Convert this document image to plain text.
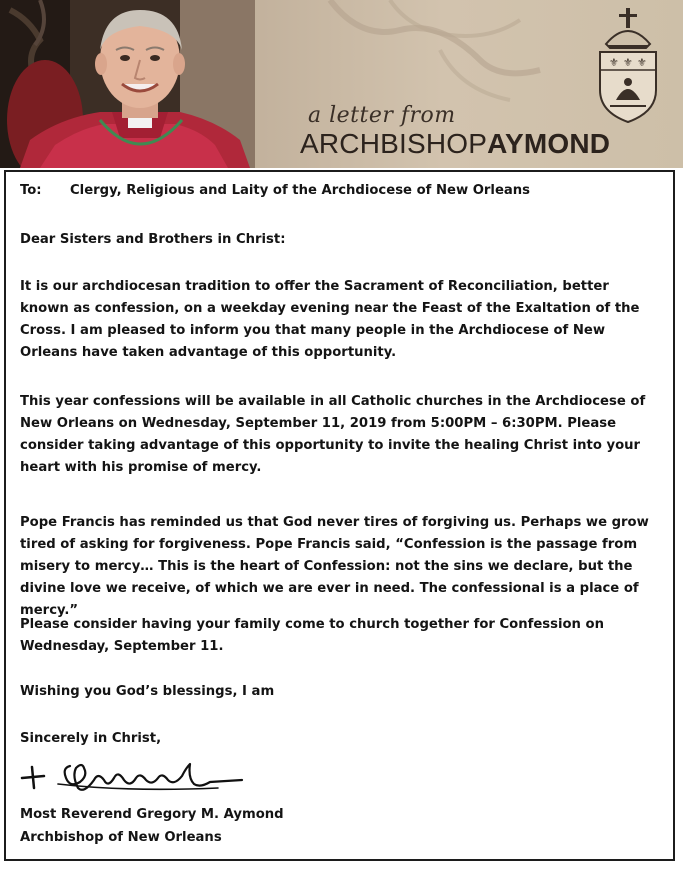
a letter from
ARCHBISHOPAYMOND
⚜ ⚜ ⚜
To: Clergy, Religious and Laity of the Archdiocese of New Orleans

Dear Sisters and Brothers in Christ:

It is our archdiocesan tradition to offer the Sacrament of Reconciliation, better known as confession, on a weekday evening near the Feast of the Exaltation of the Cross. I am pleased to inform you that many people in the Archdiocese of New Orleans have taken advantage of this opportunity.

This year confessions will be available in all Catholic churches in the Archdiocese of New Orleans on Wednesday, September 11, 2019 from 5:00PM – 6:30PM. Please consider taking advantage of this opportunity to invite the healing Christ into your heart with his promise of mercy.

Pope Francis has reminded us that God never tires of forgiving us. Perhaps we grow tired of asking for forgiveness. Pope Francis said, “Confession is the passage from misery to mercy… This is the heart of Confession: not the sins we declare, but the divine love we receive, of which we are ever in need. The confessional is a place of mercy.”

Please consider having your family come to church together for Confession on Wednesday, September 11.

Wishing you God’s blessings, I am

Sincerely in Christ,

Most Reverend Gregory M. Aymond

Archbishop of New Orleans
